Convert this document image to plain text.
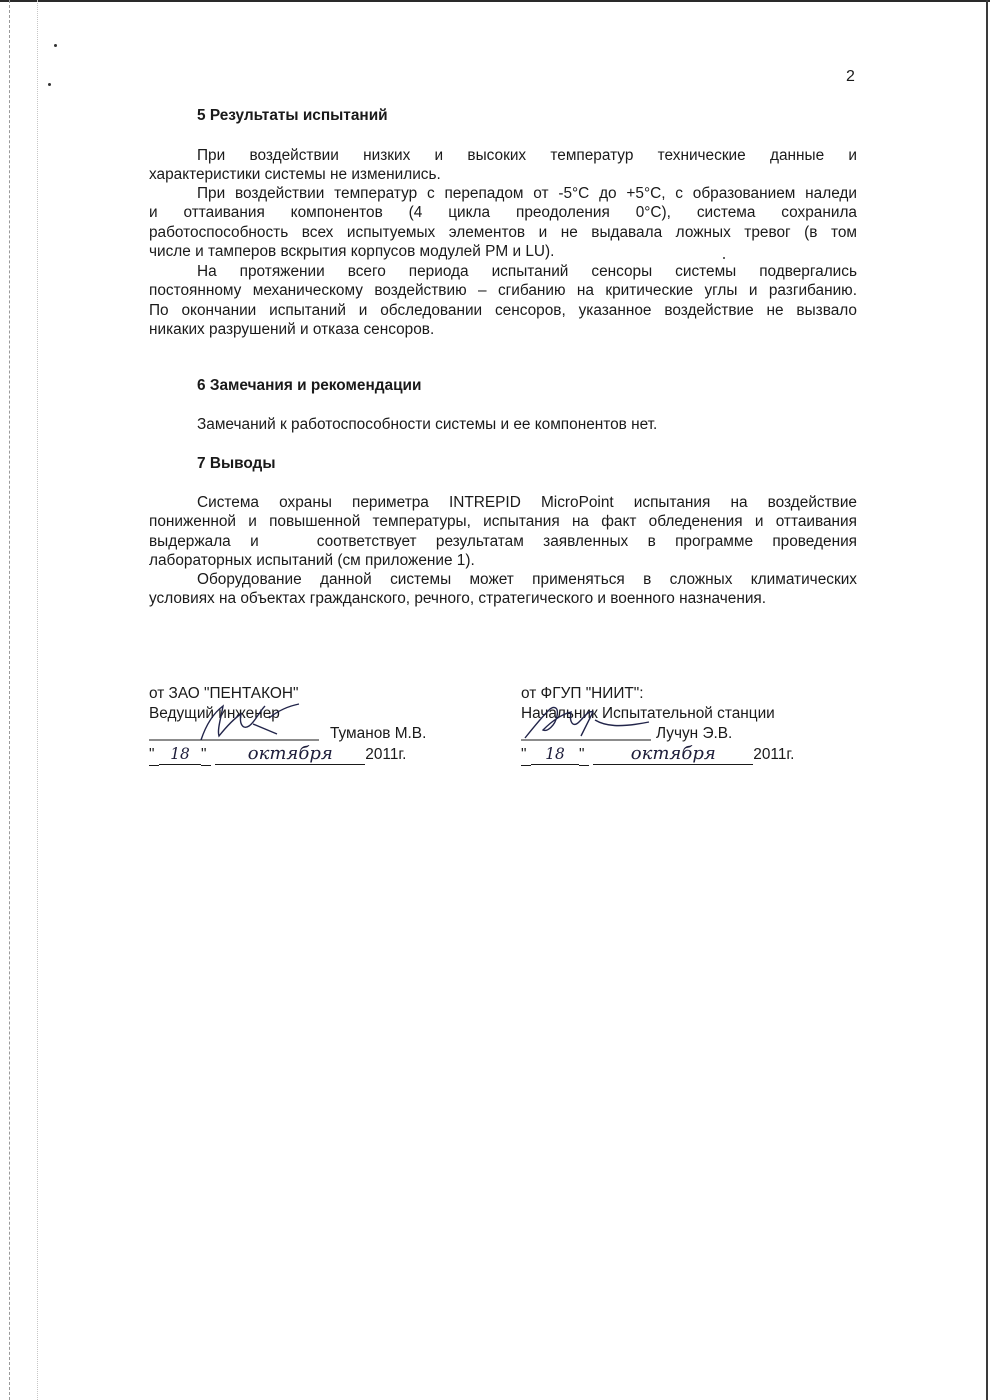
2
5 Результаты испытаний
При воздействии низких и высоких температур технические данные и
характеристики системы не изменились.
При воздействии температур с перепадом от -5°С до +5°С, с образованием наледи
и оттаивания компонентов (4 цикла преодоления 0°С), система сохранила
работоспособность всех испытуемых элементов и не выдавала ложных тревог (в том
числе и тамперов вскрытия корпусов модулей PM и LU).
На протяжении всего периода испытаний сенсоры системы подвергались
постоянному механическому воздействию – сгибанию на критические углы и разгибанию.
По окончании испытаний и обследовании сенсоров, указанное воздействие не вызвало
никаких разрушений и отказа сенсоров.
6 Замечания и рекомендации
Замечаний к работоспособности системы и ее компонентов нет.
7 Выводы
Система охраны периметра INTREPID MicroPoint испытания на воздействие
пониженной и повышенной температуры, испытания на факт обледенения и оттаивания
выдержала и   соответствует результатам заявленных в программе проведения
лабораторных испытаний (см приложение 1).
Оборудование данной системы может применяться в сложных климатических
условиях на объектах гражданского, речного, стратегического и военного назначения.
от ЗАО "ПЕНТАКОН"
Ведущий инженер
Туманов М.В.
" 18 " октября 2011г.
от ФГУП "НИИТ":
Начальник Испытательной станции
Лучун Э.В.
" 18 "	октября 2011г.
